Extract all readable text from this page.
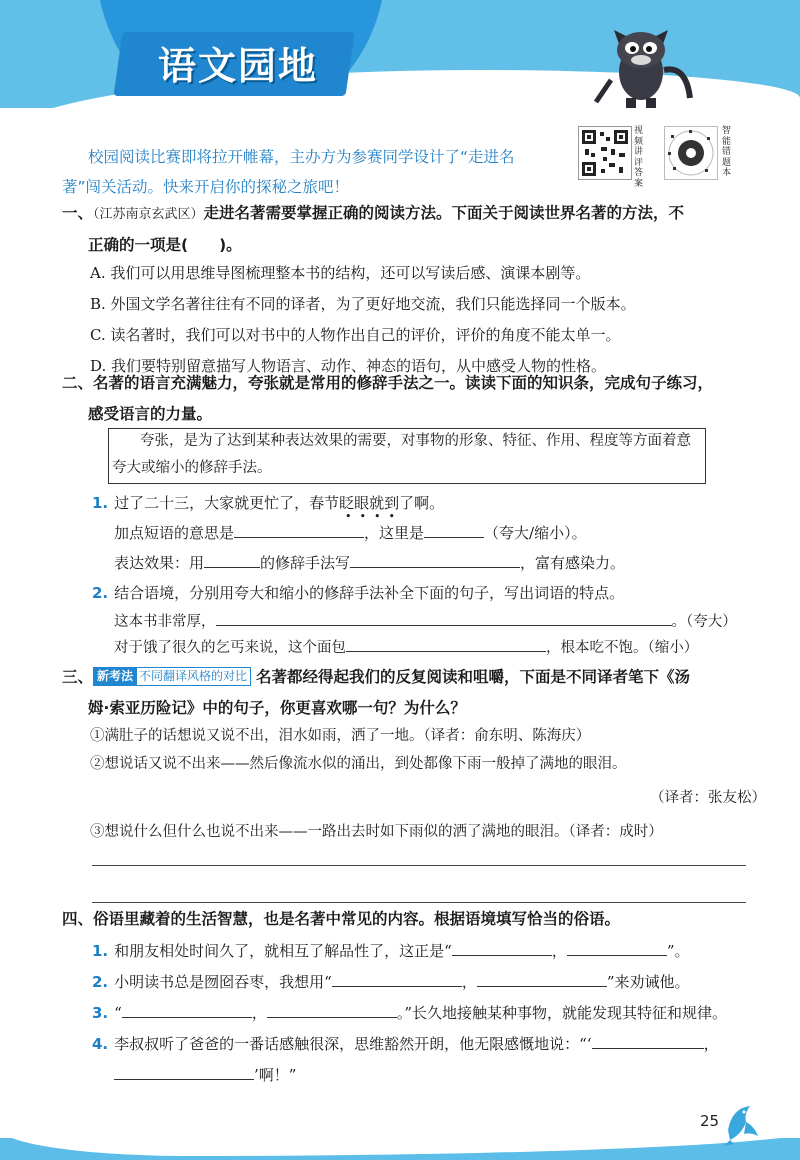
语文园地
校园阅读比赛即将拉开帷幕，主办方为参赛同学设计了“走进名
著”闯关活动。快来开启你的探秘之旅吧！
视频讲评答案
智能错题本
一、（江苏南京玄武区）走进名著需要掌握正确的阅读方法。下面关于阅读世界名著的方法，不
正确的一项是(　　)。
A. 我们可以用思维导图梳理整本书的结构，还可以写读后感、演课本剧等。
B. 外国文学名著往往有不同的译者，为了更好地交流，我们只能选择同一个版本。
C. 读名著时，我们可以对书中的人物作出自己的评价，评价的角度不能太单一。
D. 我们要特别留意描写人物语言、动作、神态的语句，从中感受人物的性格。
二、名著的语言充满魅力，夸张就是常用的修辞手法之一。读读下面的知识条，完成句子练习，
感受语言的力量。
夸张，是为了达到某种表达效果的需要，对事物的形象、特征、作用、程度等方面着意夸大或缩小的修辞手法。
1. 过了二十三，大家就更忙了，春节眨眼就到了啊。
••••
加点短语的意思是	，这里是	（夸大/缩小）。
表达效果：用	的修辞手法写	，富有感染力。
2. 结合语境，分别用夸大和缩小的修辞手法补全下面的句子，写出词语的特点。
这本书非常厚，	。（夸大）
对于饿了很久的乞丐来说，这个面包	，根本吃不饱。（缩小）
三、 新考法 不同翻译风格的对比 名著都经得起我们的反复阅读和咀嚼，下面是不同译者笔下《汤
姆·索亚历险记》中的句子，你更喜欢哪一句？为什么？
①满肚子的话想说又说不出，泪水如雨，洒了一地。（译者：俞东明、陈海庆）
②想说话又说不出来——然后像流水似的涌出，到处都像下雨一般掉了满地的眼泪。
（译者：张友松）
③想说什么但什么也说不出来——一路出去时如下雨似的洒了满地的眼泪。（译者：成时）
四、俗语里藏着的生活智慧，也是名著中常见的内容。根据语境填写恰当的俗语。
1. 和朋友相处时间久了，就相互了解品性了，这正是“	，	”。
2. 小明读书总是囫囵吞枣，我想用“	，	”来劝诫他。
3. “	，	。”长久地接触某种事物，就能发现其特征和规律。
4. 李叔叔听了爸爸的一番话感触很深，思维豁然开朗，他无限感慨地说：“‘	，
’啊！”
25
